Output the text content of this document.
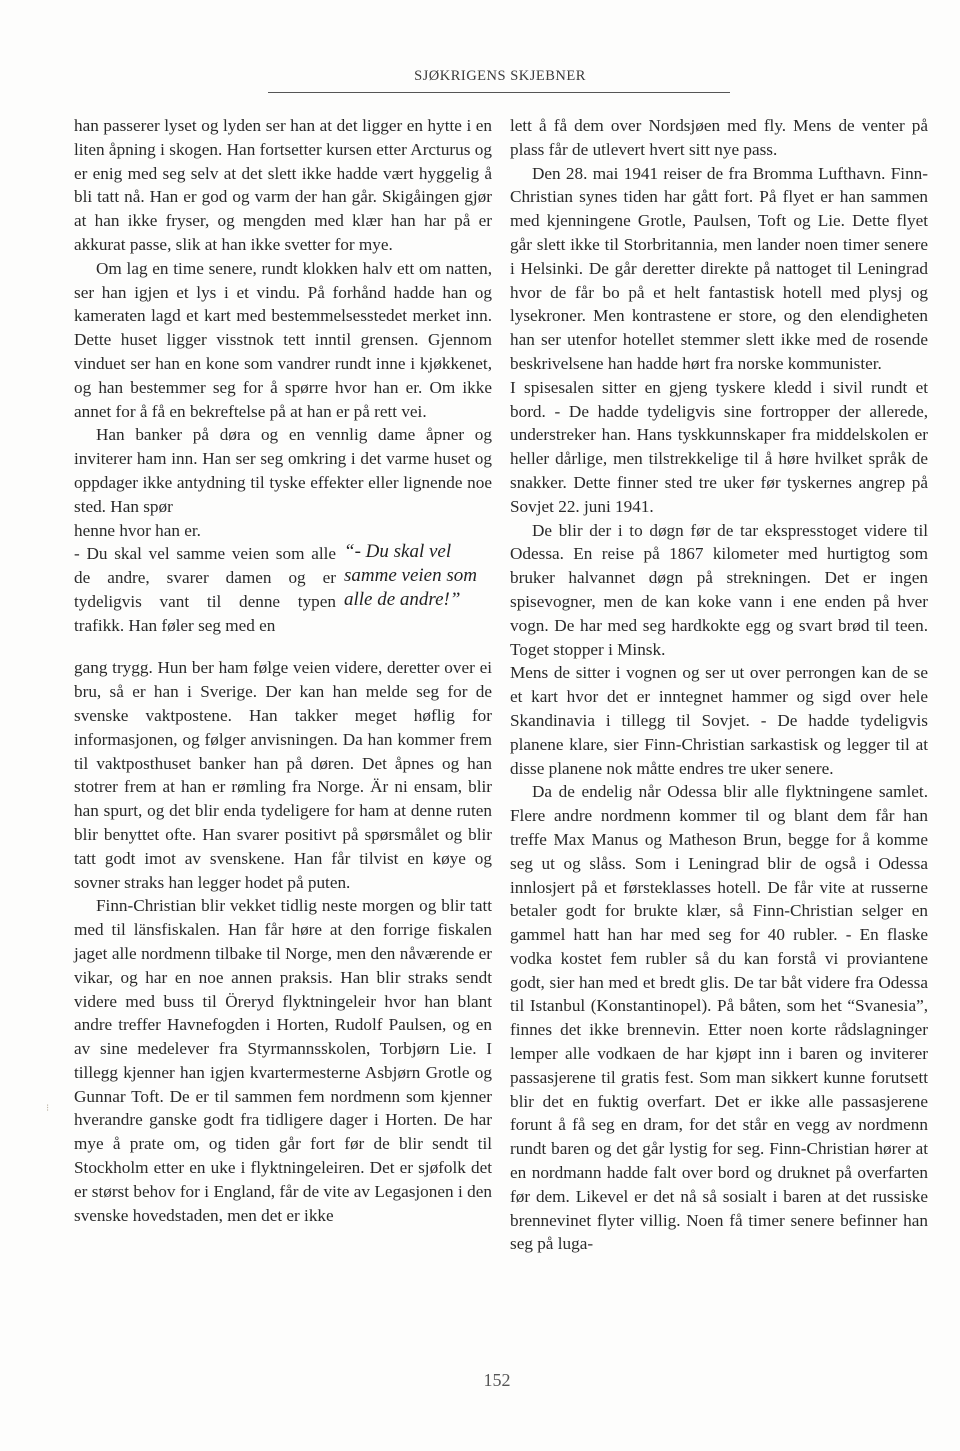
SJØKRIGENS SKJEBNER

han passerer lyset og lyden ser han at det ligger en hytte i en liten åpning i skogen. Han fortsetter kursen etter Arcturus og er enig med seg selv at det slett ikke hadde vært hyggelig å bli tatt nå. Han er god og varm der han går. Skigåingen gjør at han ikke fryser, og mengden med klær han har på er akkurat passe, slik at han ikke svetter for mye.

Om lag en time senere, rundt klokken halv ett om natten, ser han igjen et lys i et vindu. På forhånd hadde han og kameraten lagd et kart med bestemmelsesstedet merket inn. Dette huset ligger visstnok tett inntil grensen. Gjennom vinduet ser han en kone som vandrer rundt inne i kjøkkenet, og han bestemmer seg for å spørre hvor han er. Om ikke annet for å få en bekreftelse på at han er på rett vei.

Han banker på døra og en vennlig dame åpner og inviterer ham inn. Han ser seg omkring i det varme huset og oppdager ikke antydning til tyske effekter eller lignende noe sted. Han spør

henne hvor han er.

- Du skal vel samme veien som alle de andre, svarer damen og er tydeligvis vant til denne typen trafikk. Han føler seg med en

“- Du skal vel samme veien som alle de andre!”

gang trygg. Hun ber ham følge veien videre, deretter over ei bru, så er han i Sverige. Der kan han melde seg for de svenske vaktpostene. Han takker meget høflig for informasjonen, og følger anvisningen. Da han kommer frem til vaktposthuset banker han på døren. Det åpnes og han stotrer frem at han er rømling fra Norge. Är ni ensam, blir han spurt, og det blir enda tydeligere for ham at denne ruten blir benyttet ofte. Han svarer positivt på spørsmålet og blir tatt godt imot av svenskene. Han får tilvist en køye og sovner straks han legger hodet på puten.

Finn-Christian blir vekket tidlig neste morgen og blir tatt med til länsfiskalen. Han får høre at den forrige fiskalen jaget alle nordmenn tilbake til Norge, men den nåværende er vikar, og har en noe annen praksis. Han blir straks sendt videre med buss til Öreryd flyktningeleir hvor han blant andre treffer Havnefogden i Horten, Rudolf Paulsen, og en av sine medelever fra Styrmannsskolen, Torbjørn Lie. I tillegg kjenner han igjen kvartermesterne Asbjørn Grotle og Gunnar Toft. De er til sammen fem nordmenn som kjenner hverandre ganske godt fra tidligere dager i Horten. De har mye å prate om, og tiden går fort før de blir sendt til Stockholm etter en uke i flyktningeleiren. Det er sjøfolk det er størst behov for i England, får de vite av Legasjonen i den svenske hovedstaden, men det er ikke

lett å få dem over Nordsjøen med fly. Mens de venter på plass får de utlevert hvert sitt nye pass.

Den 28. mai 1941 reiser de fra Bromma Lufthavn. Finn-Christian synes tiden har gått fort. På flyet er han sammen med kjenningene Grotle, Paulsen, Toft og Lie. Dette flyet går slett ikke til Storbritannia, men lander noen timer senere i Helsinki. De går deretter direkte på nattoget til Leningrad hvor de får bo på et helt fantastisk hotell med plysj og lysekroner. Men kontrastene er store, og den elendigheten han ser utenfor hotellet stemmer slett ikke med de rosende beskrivelsene han hadde hørt fra norske kommunister.

I spisesalen sitter en gjeng tyskere kledd i sivil rundt et bord. - De hadde tydeligvis sine fortropper der allerede, understreker han. Hans tyskkunnskaper fra middelskolen er heller dårlige, men tilstrekkelige til å høre hvilket språk de snakker. Dette finner sted tre uker før tyskernes angrep på Sovjet 22. juni 1941.

De blir der i to døgn før de tar ekspresstoget videre til Odessa. En reise på 1867 kilometer med hurtigtog som bruker halvannet døgn på strekningen. Det er ingen spisevogner, men de kan koke vann i ene enden på hver vogn. De har med seg hardkokte egg og svart brød til teen. Toget stopper i Minsk.

Mens de sitter i vognen og ser ut over perrongen kan de se et kart hvor det er inntegnet hammer og sigd over hele Skandinavia i tillegg til Sovjet. - De hadde tydeligvis planene klare, sier Finn-Christian sarkastisk og legger til at disse planene nok måtte endres tre uker senere.

Da de endelig når Odessa blir alle flyktningene samlet. Flere andre nordmenn kommer til og blant dem får han treffe Max Manus og Matheson Brun, begge for å komme seg ut og slåss. Som i Leningrad blir de også i Odessa innlosjert på et førsteklasses hotell. De får vite at russerne betaler godt for brukte klær, så Finn-Christian selger en gammel hatt han har med seg for 40 rubler. - En flaske vodka kostet fem rubler så du kan forstå vi proviantene godt, sier han med et bredt glis. De tar båt videre fra Odessa til Istanbul (Konstantinopel). På båten, som het “Svanesia”, finnes det ikke brennevin. Etter noen korte rådslagninger lemper alle vodkaen de har kjøpt inn i baren og inviterer passasjerene til gratis fest. Som man sikkert kunne forutsett blir det en fuktig overfart. Det er ikke alle passasjerene forunt å få seg en dram, for det står en vegg av nordmenn rundt baren og det går lystig for seg. Finn-Christian hører at en nordmann hadde falt over bord og druknet på overfarten før dem. Likevel er det nå så sosialt i baren at det russiske brennevinet flyter villig. Noen få timer senere befinner han seg på luga-

⁝
152
